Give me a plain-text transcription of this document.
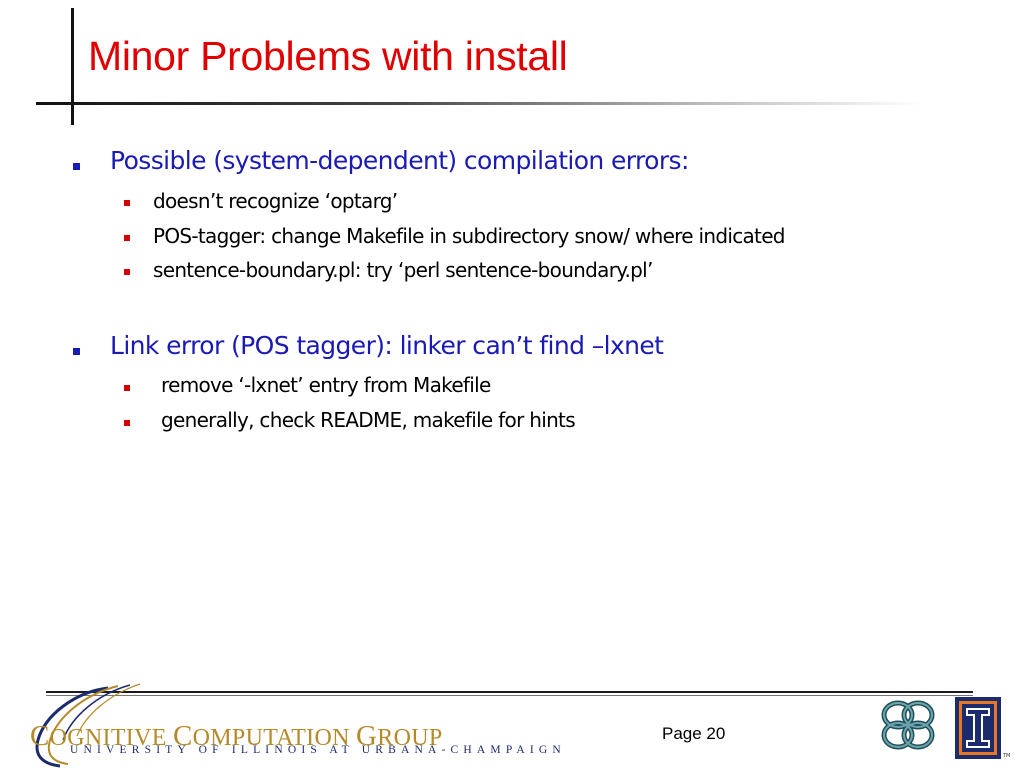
Minor Problems with install
Possible (system-dependent) compilation errors:
doesn’t recognize ‘optarg’
POS-tagger: change Makefile in subdirectory snow/ where indicated
sentence-boundary.pl: try ‘perl sentence-boundary.pl’
Link error (POS tagger): linker can’t find –lxnet
remove ‘-lxnet’ entry from Makefile
generally, check README, makefile for hints
COGNITIVE COMPUTATION GROUP
UNIVERSITY OF ILLINOIS AT URBANA-CHAMPAIGN
Page 20
TM
